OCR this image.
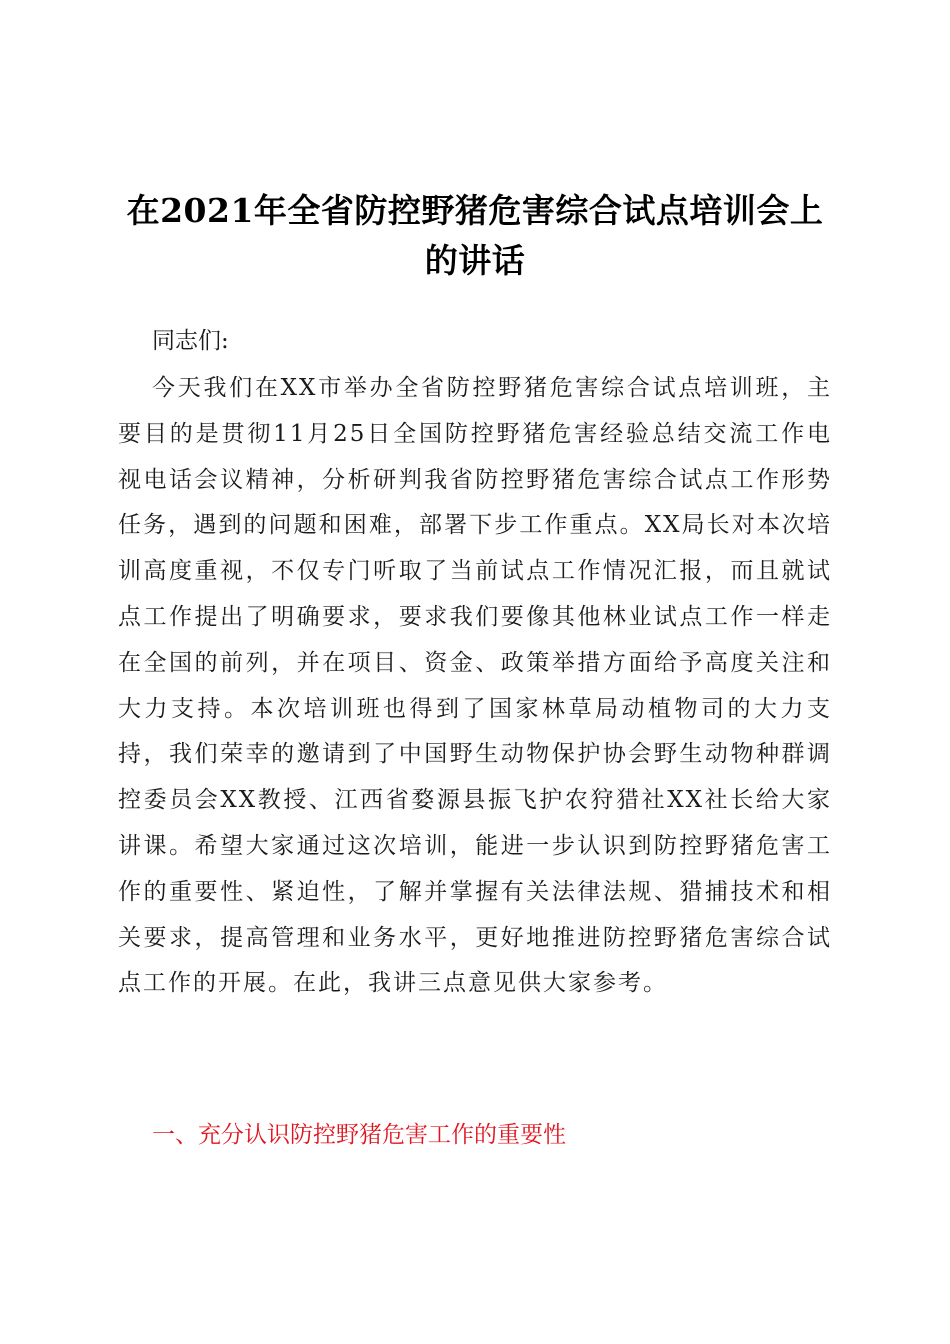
在2021年全省防控野猪危害综合试点培训会上的讲话
同志们:

今天我们在XX市举办全省防控野猪危害综合试点培训班，主要目的是贯彻11月25日全国防控野猪危害经验总结交流工作电视电话会议精神，分析研判我省防控野猪危害综合试点工作形势任务，遇到的问题和困难，部署下步工作重点。XX局长对本次培训高度重视，不仅专门听取了当前试点工作情况汇报，而且就试点工作提出了明确要求，要求我们要像其他林业试点工作一样走在全国的前列，并在项目、资金、政策举措方面给予高度关注和大力支持。本次培训班也得到了国家林草局动植物司的大力支持，我们荣幸的邀请到了中国野生动物保护协会野生动物种群调控委员会XX教授、江西省婺源县振飞护农狩猎社XX社长给大家讲课。希望大家通过这次培训，能进一步认识到防控野猪危害工作的重要性、紧迫性，了解并掌握有关法律法规、猎捕技术和相关要求，提高管理和业务水平，更好地推进防控野猪危害综合试点工作的开展。在此，我讲三点意见供大家参考。

一、充分认识防控野猪危害工作的重要性
